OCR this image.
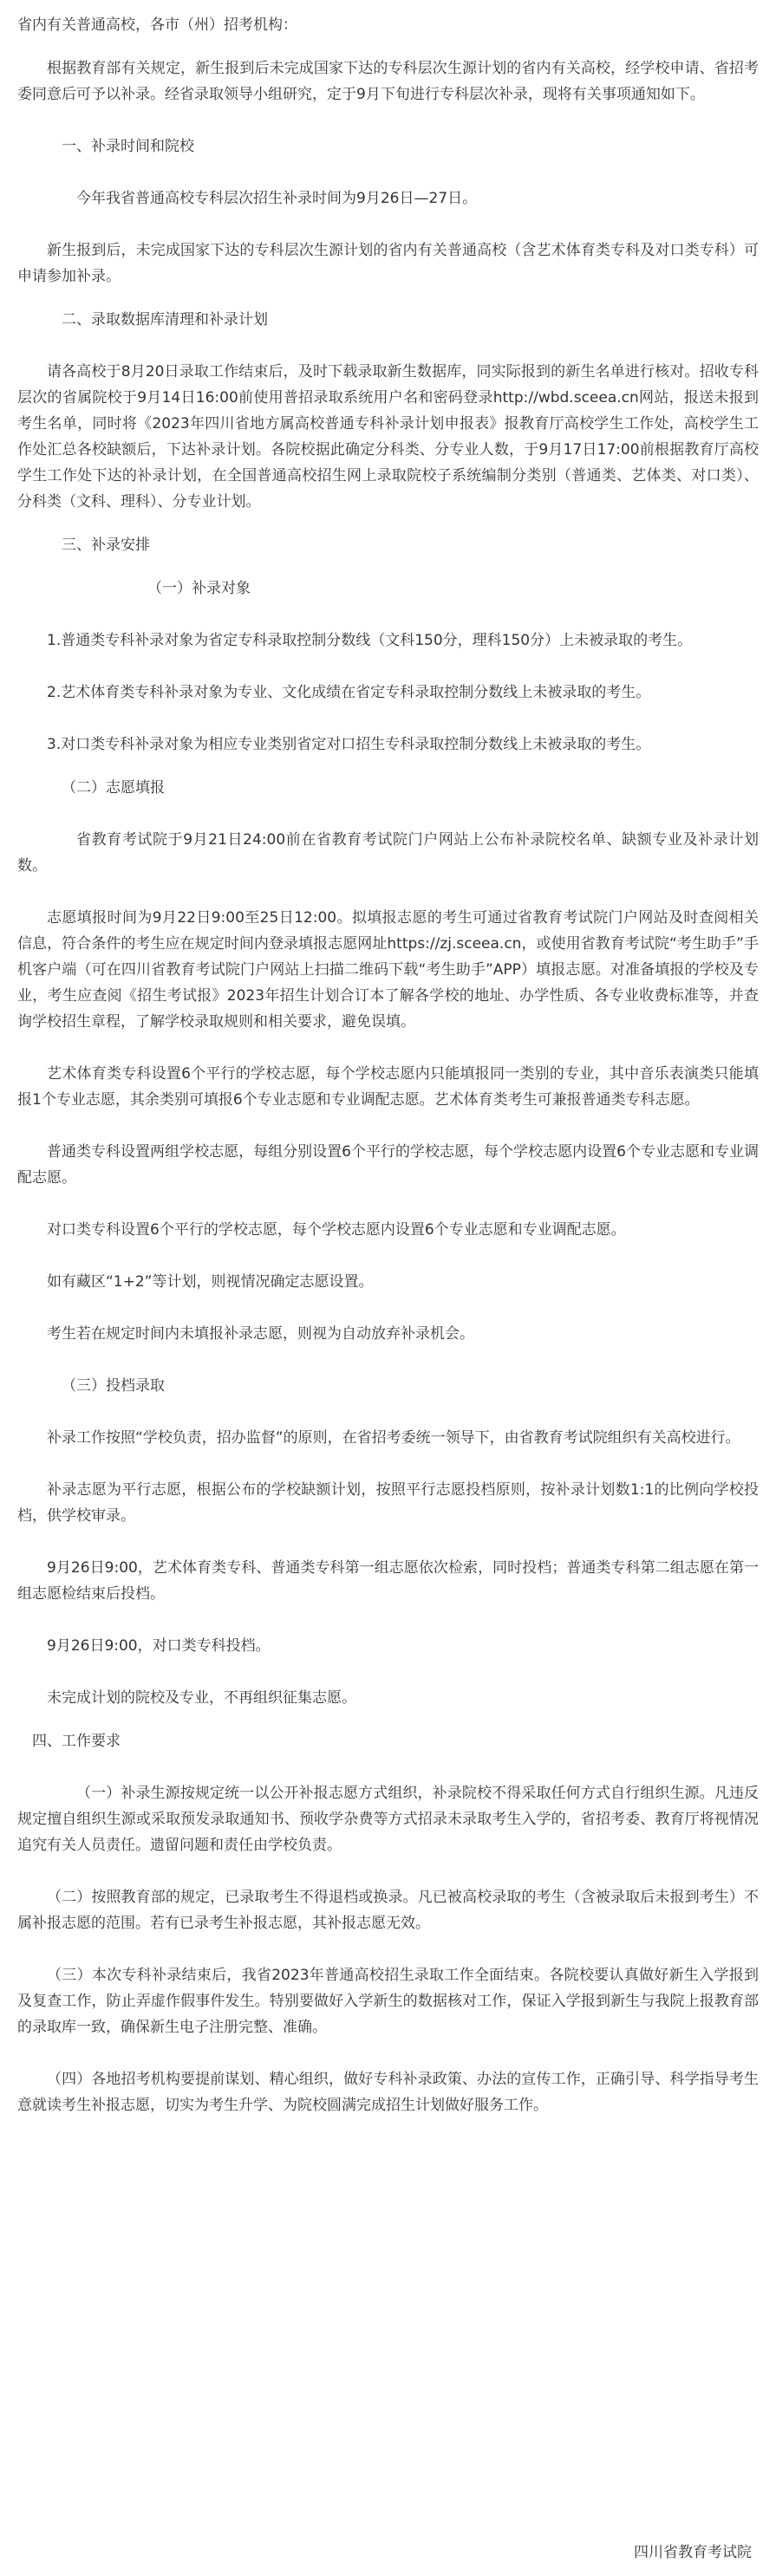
省内有关普通高校，各市（州）招考机构：

根据教育部有关规定，新生报到后未完成国家下达的专科层次生源计划的省内有关高校，经学校申请、省招考委同意后可予以补录。经省录取领导小组研究，定于9月下旬进行专科层次补录，现将有关事项通知如下。

一、补录时间和院校

今年我省普通高校专科层次招生补录时间为9月26日—27日。

新生报到后，未完成国家下达的专科层次生源计划的省内有关普通高校（含艺术体育类专科及对口类专科）可申请参加补录。

二、录取数据库清理和补录计划

请各高校于8月20日录取工作结束后，及时下载录取新生数据库，同实际报到的新生名单进行核对。招收专科层次的省属院校于9月14日16:00前使用普招录取系统用户名和密码登录http://wbd.sceea.cn网站，报送未报到考生名单，同时将《2023年四川省地方属高校普通专科补录计划申报表》报教育厅高校学生工作处，高校学生工作处汇总各校缺额后，下达补录计划。各院校据此确定分科类、分专业人数，于9月17日17:00前根据教育厅高校学生工作处下达的补录计划，在全国普通高校招生网上录取院校子系统编制分类别（普通类、艺体类、对口类）、分科类（文科、理科）、分专业计划。

三、补录安排

（一）补录对象

1.普通类专科补录对象为省定专科录取控制分数线（文科150分，理科150分）上未被录取的考生。

2.艺术体育类专科补录对象为专业、文化成绩在省定专科录取控制分数线上未被录取的考生。

3.对口类专科补录对象为相应专业类别省定对口招生专科录取控制分数线上未被录取的考生。

（二）志愿填报

省教育考试院于9月21日24:00前在省教育考试院门户网站上公布补录院校名单、缺额专业及补录计划数。

志愿填报时间为9月22日9:00至25日12:00。拟填报志愿的考生可通过省教育考试院门户网站及时查阅相关信息，符合条件的考生应在规定时间内登录填报志愿网址https://zj.sceea.cn，或使用省教育考试院“考生助手”手机客户端（可在四川省教育考试院门户网站上扫描二维码下载“考生助手”APP）填报志愿。对准备填报的学校及专业，考生应查阅《招生考试报》2023年招生计划合订本了解各学校的地址、办学性质、各专业收费标准等，并查询学校招生章程，了解学校录取规则和相关要求，避免误填。

艺术体育类专科设置6个平行的学校志愿，每个学校志愿内只能填报同一类别的专业，其中音乐表演类只能填报1个专业志愿，其余类别可填报6个专业志愿和专业调配志愿。艺术体育类考生可兼报普通类专科志愿。

普通类专科设置两组学校志愿，每组分别设置6个平行的学校志愿，每个学校志愿内设置6个专业志愿和专业调配志愿。

对口类专科设置6个平行的学校志愿，每个学校志愿内设置6个专业志愿和专业调配志愿。

如有藏区“1+2”等计划，则视情况确定志愿设置。

考生若在规定时间内未填报补录志愿，则视为自动放弃补录机会。

（三）投档录取

补录工作按照“学校负责，招办监督”的原则，在省招考委统一领导下，由省教育考试院组织有关高校进行。

补录志愿为平行志愿，根据公布的学校缺额计划，按照平行志愿投档原则，按补录计划数1:1的比例向学校投档，供学校审录。

9月26日9:00，艺术体育类专科、普通类专科第一组志愿依次检索，同时投档；普通类专科第二组志愿在第一组志愿检结束后投档。

9月26日9:00，对口类专科投档。

未完成计划的院校及专业，不再组织征集志愿。

四、工作要求

（一）补录生源按规定统一以公开补报志愿方式组织，补录院校不得采取任何方式自行组织生源。凡违反规定擅自组织生源或采取预发录取通知书、预收学杂费等方式招录未录取考生入学的，省招考委、教育厅将视情况追究有关人员责任。遗留问题和责任由学校负责。

（二）按照教育部的规定，已录取考生不得退档或换录。凡已被高校录取的考生（含被录取后未报到考生）不属补报志愿的范围。若有已录考生补报志愿，其补报志愿无效。

（三）本次专科补录结束后，我省2023年普通高校招生录取工作全面结束。各院校要认真做好新生入学报到及复查工作，防止弄虚作假事件发生。特别要做好入学新生的数据核对工作，保证入学报到新生与我院上报教育部的录取库一致，确保新生电子注册完整、准确。

（四）各地招考机构要提前谋划、精心组织，做好专科补录政策、办法的宣传工作，正确引导、科学指导考生意就读考生补报志愿，切实为考生升学、为院校圆满完成招生计划做好服务工作。

四川省教育考试院
